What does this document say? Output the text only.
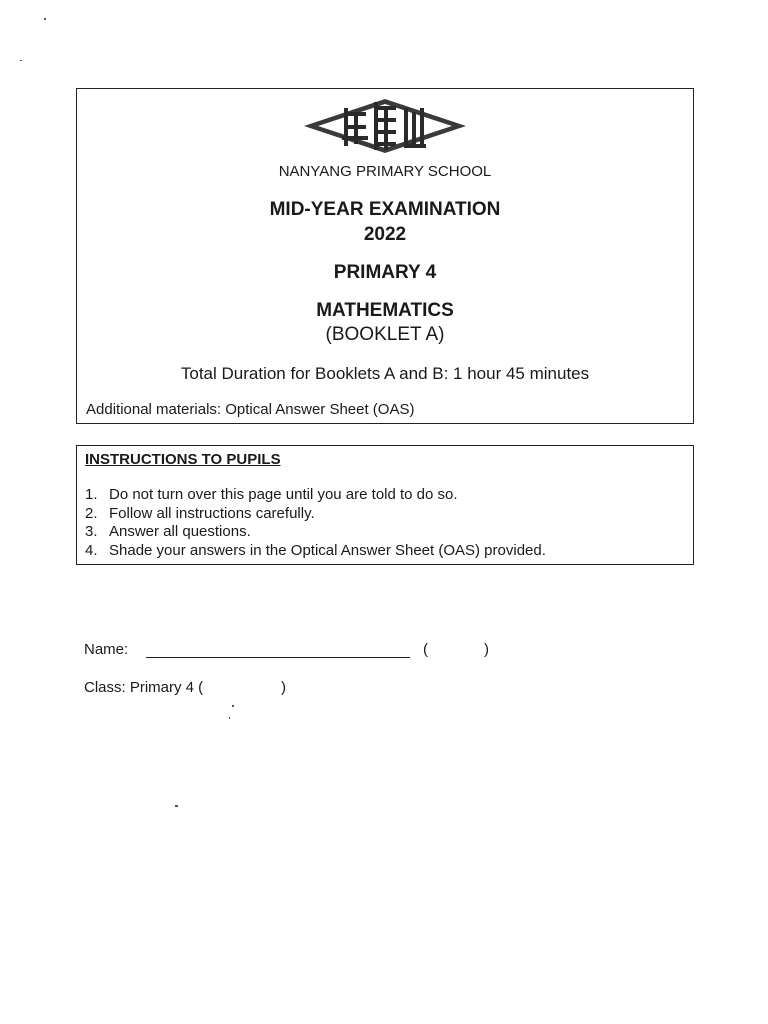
NANYANG PRIMARY SCHOOL
MID-YEAR EXAMINATION
2022
PRIMARY 4
MATHEMATICS
(BOOKLET A)
Total Duration for Booklets A and B: 1 hour 45 minutes
Additional materials: Optical Answer Sheet (OAS)
INSTRUCTIONS TO PUPILS
1. Do not turn over this page until you are told to do so.
2. Follow all instructions carefully.
3. Answer all questions.
4. Shade your answers in the Optical Answer Sheet (OAS) provided.
Name:	(	)
Class: Primary 4 (	)
